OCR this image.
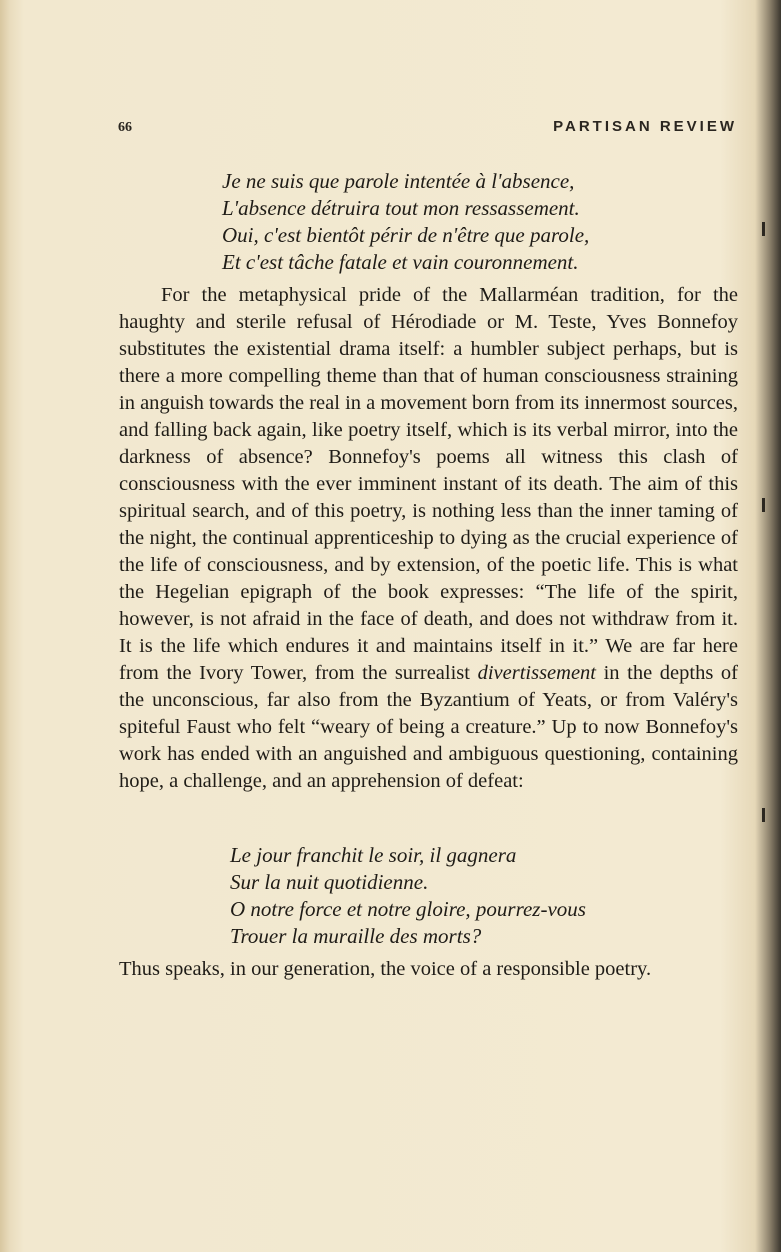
66	PARTISAN REVIEW
Je ne suis que parole intentée à l'absence,
L'absence détruira tout mon ressassement.
Oui, c'est bientôt périr de n'être que parole,
Et c'est tâche fatale et vain couronnement.

For the metaphysical pride of the Mallarméan tradition, for the haughty and sterile refusal of Hérodiade or M. Teste, Yves Bonnefoy substitutes the existential drama itself: a humbler subject perhaps, but is there a more compelling theme than that of human consciousness straining in anguish towards the real in a movement born from its innermost sources, and falling back again, like poetry itself, which is its verbal mirror, into the darkness of absence? Bonnefoy's poems all witness this clash of consciousness with the ever imminent instant of its death. The aim of this spiritual search, and of this poetry, is nothing less than the inner taming of the night, the continual apprenticeship to dying as the crucial experience of the life of consciousness, and by extension, of the poetic life. This is what the Hegelian epigraph of the book expresses: “The life of the spirit, however, is not afraid in the face of death, and does not withdraw from it. It is the life which endures it and maintains itself in it.” We are far here from the Ivory Tower, from the surrealist divertissement in the depths of the unconscious, far also from the Byzantium of Yeats, or from Valéry's spiteful Faust who felt “weary of being a creature.” Up to now Bonnefoy's work has ended with an anguished and ambiguous questioning, containing hope, a challenge, and an apprehension of defeat:

Le jour franchit le soir, il gagnera
Sur la nuit quotidienne.
O notre force et notre gloire, pourrez-vous
Trouer la muraille des morts?

Thus speaks, in our generation, the voice of a responsible poetry.
